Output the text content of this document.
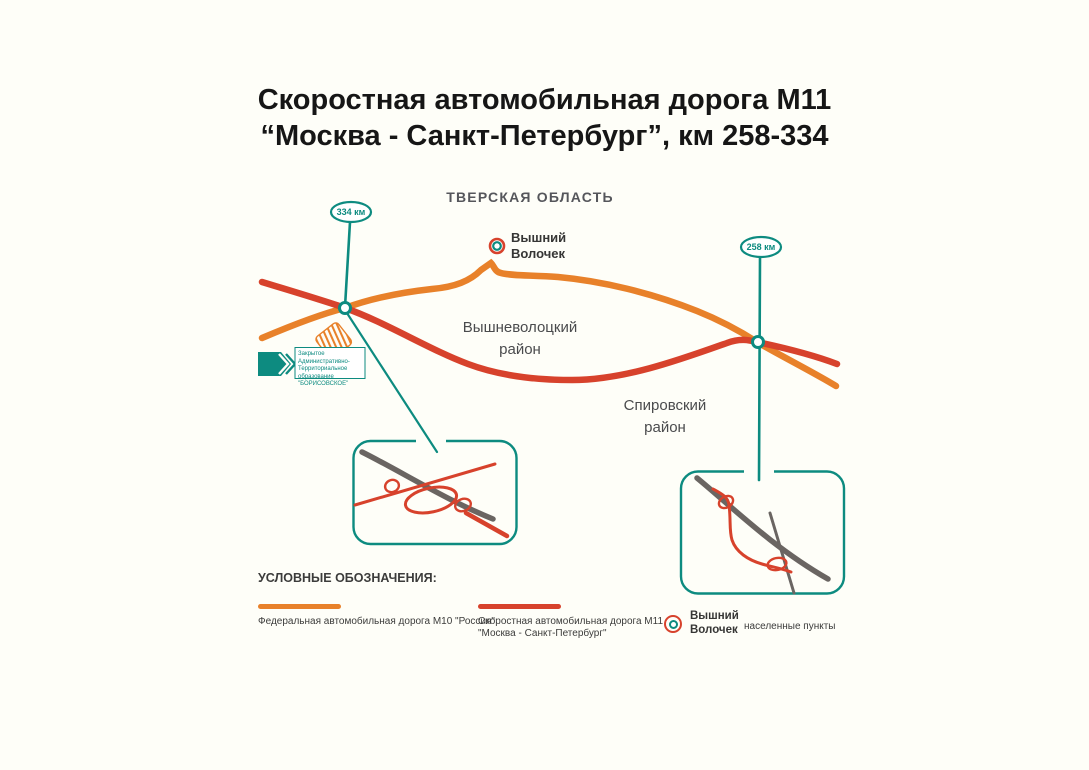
Скоростная автомобильная дорога М11
“Москва - Санкт-Петербург”, км 258-334
ТВЕРСКАЯ ОБЛАСТЬ
334 км
258 км
Вышний
Волочек
Вышневолоцкий
район
Спировский
район
Закрытое Административно-
Территориальное образование
"БОРИСОВСКОЕ"
УСЛОВНЫЕ ОБОЗНАЧЕНИЯ:
Федеральная автомобильная дорога М10 "Россия"
Скоростная автомобильная дорога М11
"Москва - Санкт-Петербург"
Вышний
Волочек населенные пункты
